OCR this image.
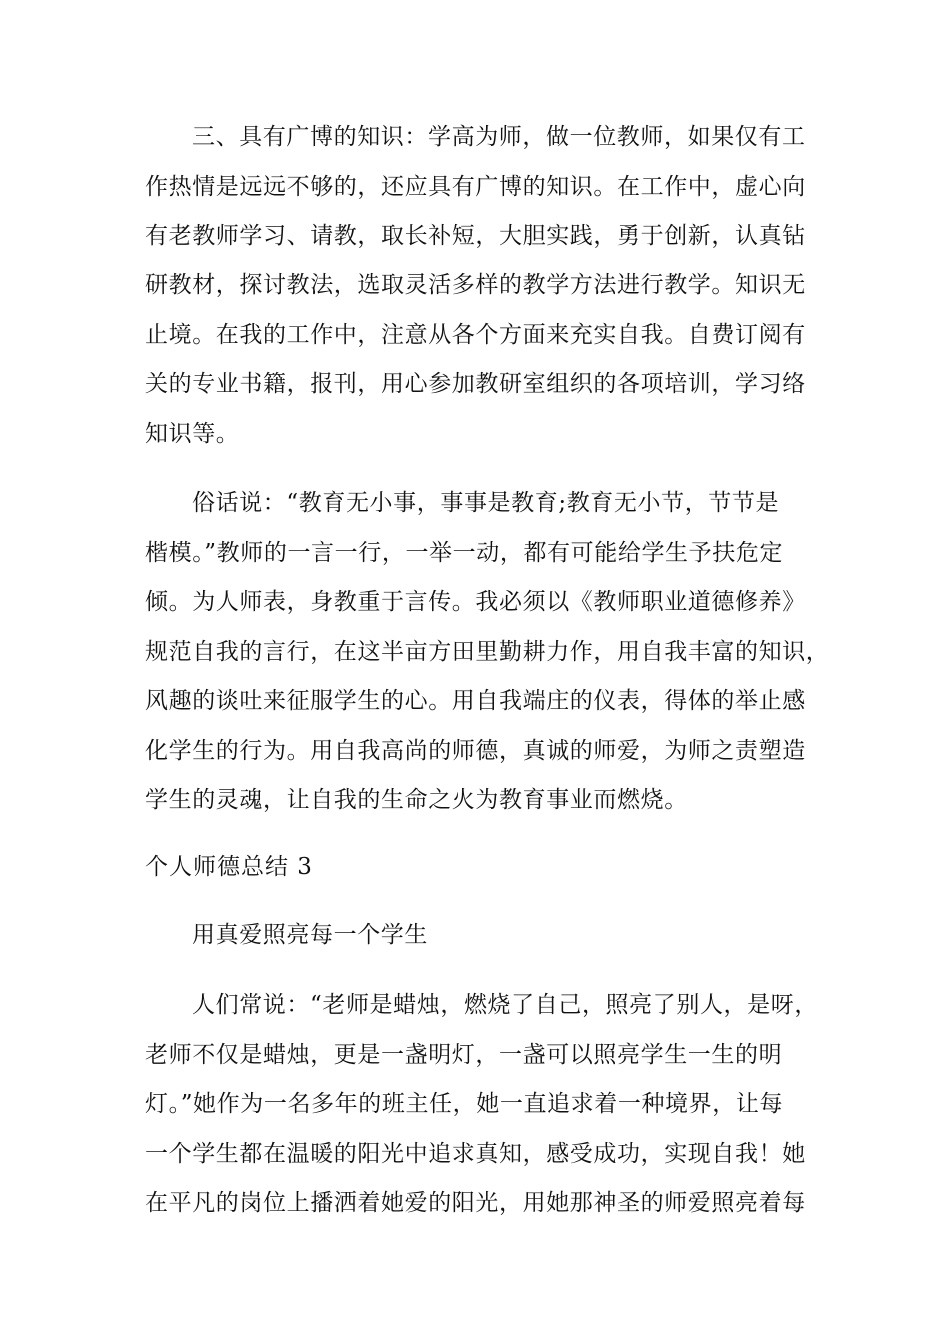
三、具有广博的知识：学高为师，做一位教师，如果仅有工
作热情是远远不够的，还应具有广博的知识。在工作中，虚心向
有老教师学习、请教，取长补短，大胆实践，勇于创新，认真钻
研教材，探讨教法，选取灵活多样的教学方法进行教学。知识无
止境。在我的工作中，注意从各个方面来充实自我。自费订阅有
关的专业书籍，报刊，用心参加教研室组织的各项培训，学习络
知识等。
俗话说：“教育无小事，事事是教育;教育无小节，节节是
楷模。”教师的一言一行，一举一动，都有可能给学生予扶危定
倾。为人师表，身教重于言传。我必须以《教师职业道德修养》
规范自我的言行，在这半亩方田里勤耕力作，用自我丰富的知识，
风趣的谈吐来征服学生的心。用自我端庄的仪表，得体的举止感
化学生的行为。用自我高尚的师德，真诚的师爱，为师之责塑造
学生的灵魂，让自我的生命之火为教育事业而燃烧。
个人师德总结 3
用真爱照亮每一个学生
人们常说：“老师是蜡烛，燃烧了自己，照亮了别人，是呀，
老师不仅是蜡烛，更是一盏明灯，一盏可以照亮学生一生的明
灯。”她作为一名多年的班主任，她一直追求着一种境界，让每
一个学生都在温暖的阳光中追求真知，感受成功，实现自我！她
在平凡的岗位上播洒着她爱的阳光，用她那神圣的师爱照亮着每
